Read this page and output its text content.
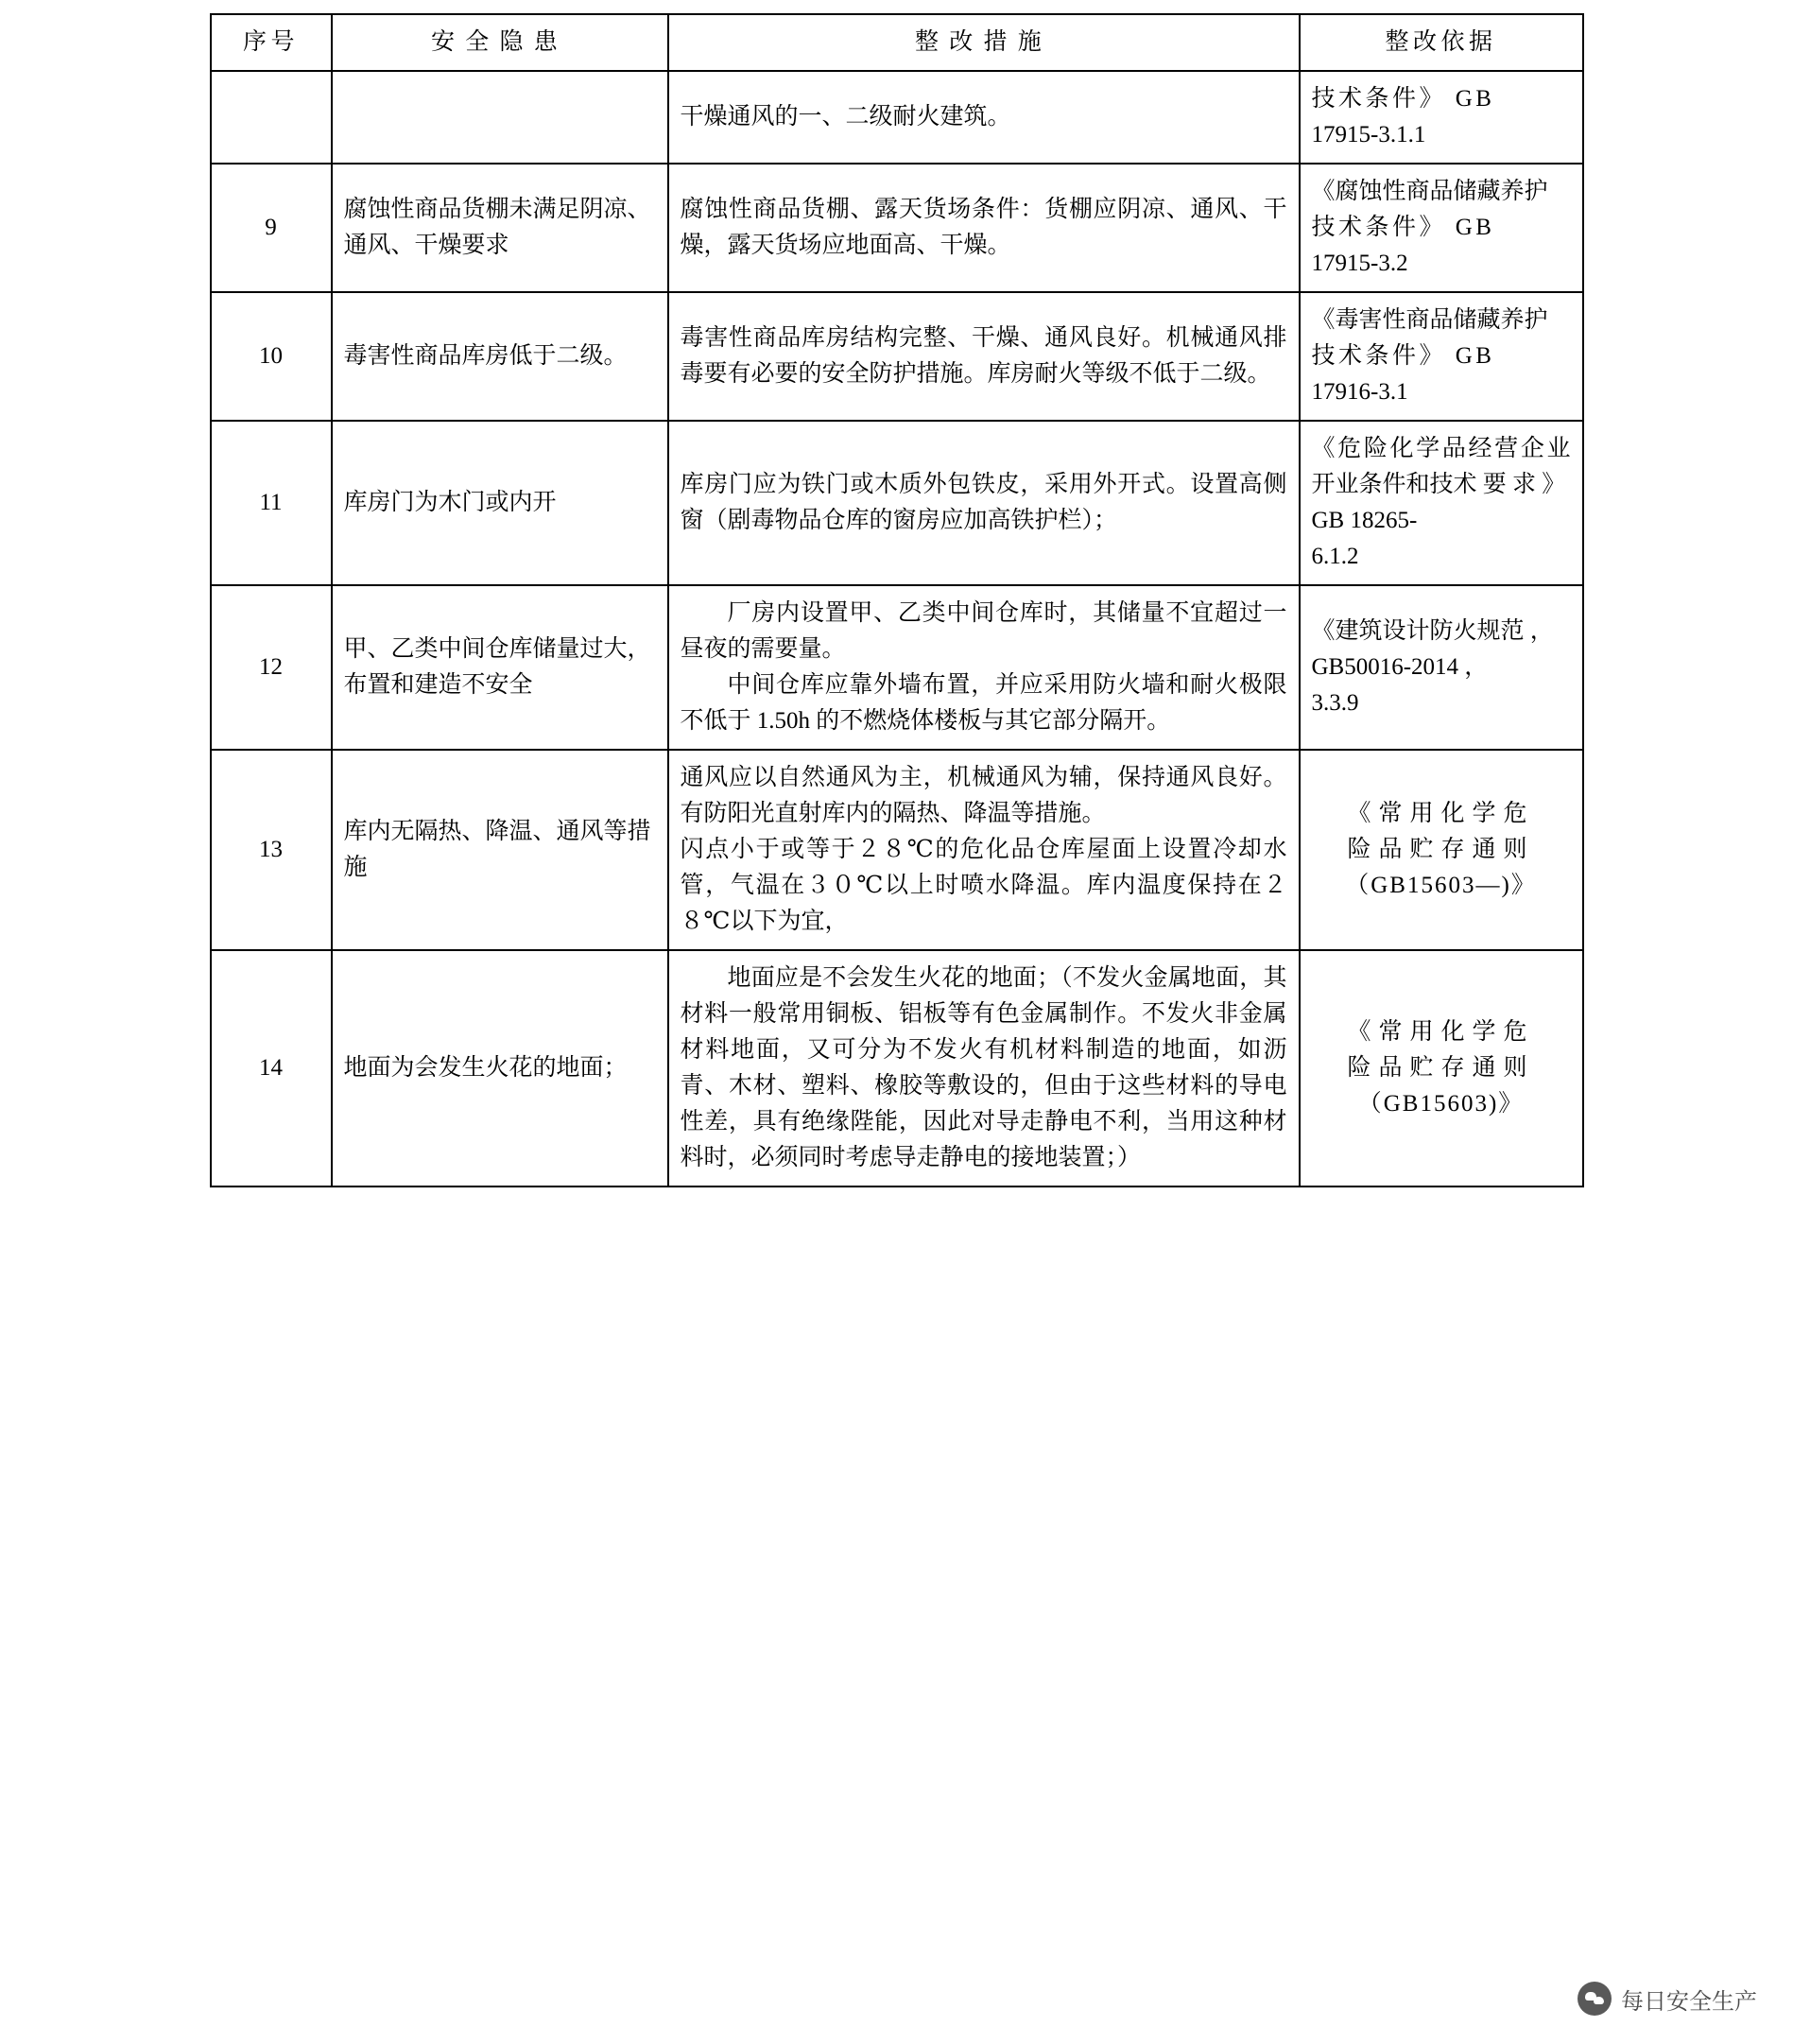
序号	安全隐患	整改措施	整改依据

		干燥通风的一、二级耐火建筑。	技术条件》 GB
17915-3.1.1

9	腐蚀性商品货棚未满足阴凉、通风、干燥要求	腐蚀性商品货棚、露天货场条件：货棚应阴凉、通风、干燥，露天货场应地面高、干燥。	《腐蚀性商品储藏养护
技术条件》 GB
17915-3.2

10	毒害性商品库房低于二级。	毒害性商品库房结构完整、干燥、通风良好。机械通风排毒要有必要的安全防护措施。库房耐火等级不低于二级。	《毒害性商品储藏养护
技术条件》 GB
17916-3.1

11	库房门为木门或内开	库房门应为铁门或木质外包铁皮，采用外开式。设置高侧窗（剧毒物品仓库的窗房应加高铁护栏）；	《危险化学品经营企业开业条件和技术 要 求 》
GB 18265-
6.1.2

12	甲、乙类中间仓库储量过大，布置和建造不安全	厂房内设置甲、乙类中间仓库时，其储量不宜超过一昼夜的需要量。
中间仓库应靠外墙布置，并应采用防火墙和耐火极限不低于 1.50h 的不燃烧体楼板与其它部分隔开。	《建筑设计防火规范 ，
GB50016-2014 ，
3.3.9

13	库内无隔热、降温、通风等措施	通风应以自然通风为主，机械通风为辅，保持通风良好。有防阳光直射库内的隔热、降温等措施。
闪点小于或等于２８℃的危化品仓库屋面上设置冷却水管，气温在３０℃以上时喷水降温。库内温度保持在２８℃以下为宜，	《常用化学危
险品贮存通则
（GB15603—)》

14	地面为会发生火花的地面；	地面应是不会发生火花的地面；（不发火金属地面，其材料一般常用铜板、铝板等有色金属制作。不发火非金属材料地面，又可分为不发火有机材料制造的地面，如沥青、木材、塑料、橡胶等敷设的，但由于这些材料的导电性差，具有绝缘陛能，因此对导走静电不利，当用这种材料时，必须同时考虑导走静电的接地装置；）	《常用化学危
险品贮存通则
（GB15603)》
每日安全生产
